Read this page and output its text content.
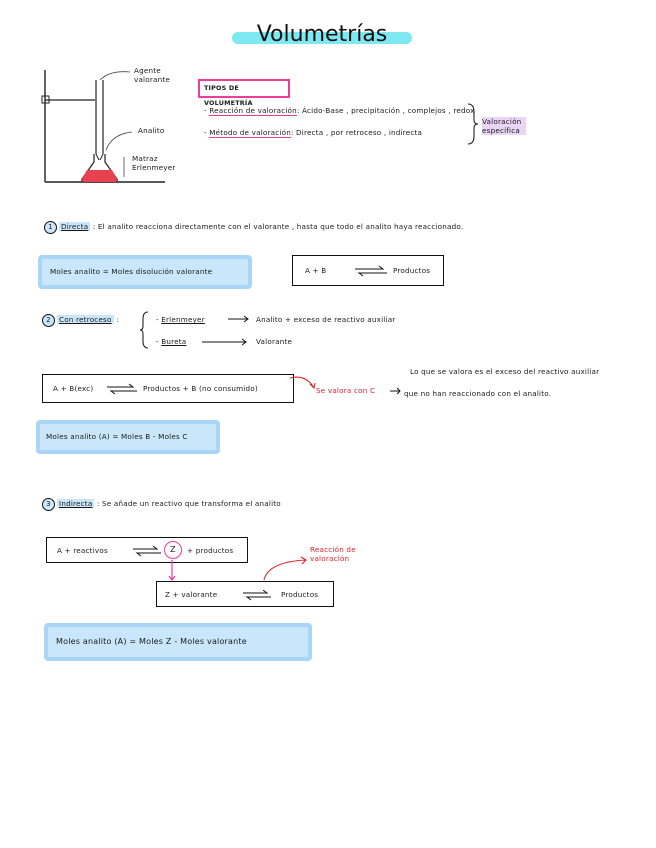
Volumetrías
Agente valorante
Analito
Matraz Erlenmeyer
TIPOS DE VOLUMETRÍA
- Reacción de valoración: Ácido-Base , precipitación , complejos , redox
- Método de valoración: Directa , por retroceso , indirecta
Valoración específica
1 Directa : El analito reacciona directamente con el valorante , hasta que todo el analito haya reaccionado.
Moles analito = Moles disolución valorante	A + B ⇌ Productos
2 Con retroceso :	- Erlenmeyer	Analito + exceso de reactivo auxiliar
- Bureta	Valorante
A + B(exc) ⇌ Productos + B (no consumido)	Se valora con C
Lo que se valora es el exceso del reactivo auxiliar
que no han reaccionado con el analito.
Moles analito (A) = Moles B - Moles C
3 Indirecta : Se añade un reactivo que transforma el analito
A + reactivos ⇌	Z	+ productos	Reacción de valoración
Z + valorante ⇌ Productos
Moles analito (A) = Moles Z - Moles valorante
